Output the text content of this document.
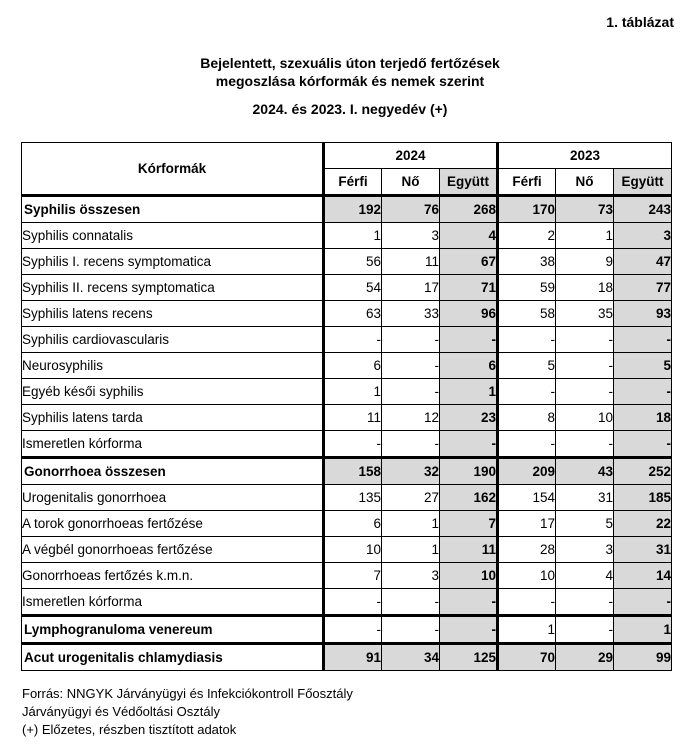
1. táblázat
Bejelentett, szexuális úton terjedő fertőzések
megoszlása kórformák és nemek szerint
2024. és 2023. I. negyedév (+)
Kórformák	2024			2023		
	Férfi	Nő	Együtt	Férfi	Nő	Együtt
Syphilis összesen	192	76	268	170	73	243
Syphilis connatalis	1	3	4	2	1	3
Syphilis I. recens symptomatica	56	11	67	38	9	47
Syphilis II. recens symptomatica	54	17	71	59	18	77
Syphilis latens recens	63	33	96	58	35	93
Syphilis cardiovascularis	-	-	-	-	-	-
Neurosyphilis	6	-	6	5	-	5
Egyéb késői syphilis	1	-	1	-	-	-
Syphilis latens tarda	11	12	23	8	10	18
Ismeretlen kórforma	-	-	-	-	-	-
Gonorrhoea összesen	158	32	190	209	43	252
Urogenitalis gonorrhoea	135	27	162	154	31	185
A torok gonorrhoeas fertőzése	6	1	7	17	5	22
A végbél gonorrhoeas fertőzése	10	1	11	28	3	31
Gonorrhoeas fertőzés k.m.n.	7	3	10	10	4	14
Ismeretlen kórforma	-	-	-	-	-	-
Lymphogranuloma venereum	-	-	-	1	-	1
Acut urogenitalis chlamydiasis	91	34	125	70	29	99
Forrás: NNGYK Járványügyi és Infekciókontroll Főosztály
Járványügyi és Védőoltási Osztály
(+) Előzetes, részben tisztított adatok
